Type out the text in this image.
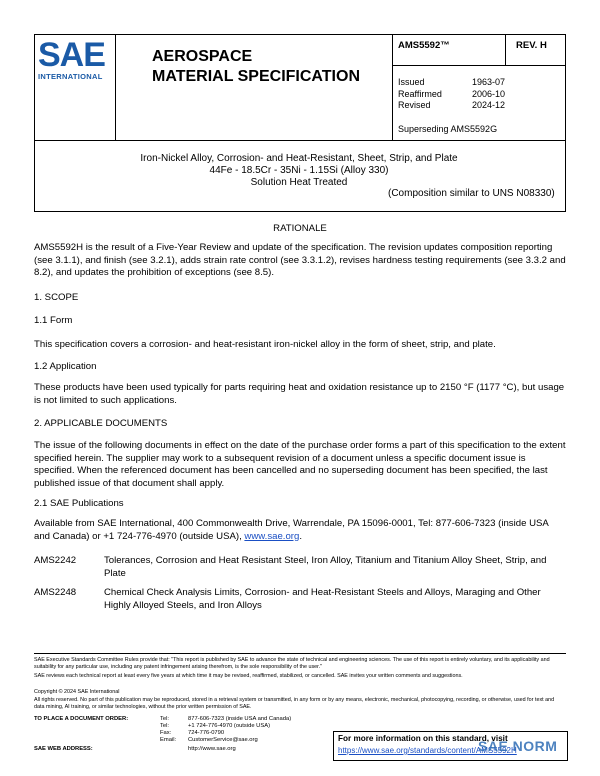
SAE
INTERNATIONAL
AEROSPACE
MATERIAL SPECIFICATION
AMS5592™	REV. H
Issued	1963-07
Reaffirmed	2006-10
Revised	2024-12
Superseding AMS5592G
Iron-Nickel Alloy, Corrosion- and Heat-Resistant, Sheet, Strip, and Plate
44Fe - 18.5Cr - 35Ni - 1.15Si (Alloy 330)
Solution Heat Treated
(Composition similar to UNS N08330)
RATIONALE
AMS5592H is the result of a Five-Year Review and update of the specification. The revision updates composition reporting (see 3.1.1), and finish (see 3.2.1), adds strain rate control (see 3.3.1.2), revises hardness testing requirements (see 3.3.2 and 8.2), and updates the prohibition of exceptions (see 8.5).
1. SCOPE
1.1 Form
This specification covers a corrosion- and heat-resistant iron-nickel alloy in the form of sheet, strip, and plate.
1.2 Application
These products have been used typically for parts requiring heat and oxidation resistance up to 2150 °F (1177 °C), but usage is not limited to such applications.
2. APPLICABLE DOCUMENTS
The issue of the following documents in effect on the date of the purchase order forms a part of this specification to the extent specified herein. The supplier may work to a subsequent revision of a document unless a specific document issue is specified. When the referenced document has been cancelled and no superseding document has been specified, the last published issue of that document shall apply.
2.1 SAE Publications
Available from SAE International, 400 Commonwealth Drive, Warrendale, PA 15096-0001, Tel: 877-606-7323 (inside USA and Canada) or +1 724-776-4970 (outside USA), www.sae.org.
AMS2242	Tolerances, Corrosion and Heat Resistant Steel, Iron Alloy, Titanium and Titanium Alloy Sheet, Strip, and Plate
AMS2248	Chemical Check Analysis Limits, Corrosion- and Heat-Resistant Steels and Alloys, Maraging and Other Highly Alloyed Steels, and Iron Alloys
SAE Executive Standards Committee Rules provide that: "This report is published by SAE to advance the state of technical and engineering sciences. The use of this report is entirely voluntary, and its applicability and suitability for any particular use, including any patent infringement arising therefrom, is the sole responsibility of the user."
SAE reviews each technical report at least every five years at which time it may be revised, reaffirmed, stabilized, or cancelled. SAE invites your written comments and suggestions.
Copyright © 2024 SAE International
All rights reserved. No part of this publication may be reproduced, stored in a retrieval system or transmitted, in any form or by any means, electronic, mechanical, photocopying, recording, or otherwise, used for text and data mining, AI training, or similar technologies, without the prior written permission of SAE.
TO PLACE A DOCUMENT ORDER:	Tel:	877-606-7323 (inside USA and Canada)
Tel:	+1 724-776-4970 (outside USA)
Fax:	724-776-0790
Email: CustomerService@sae.org
SAE WEB ADDRESS:	http://www.sae.org
For more information on this standard, visit
https://www.sae.org/standards/content/AMS5592H
SAE NORM
